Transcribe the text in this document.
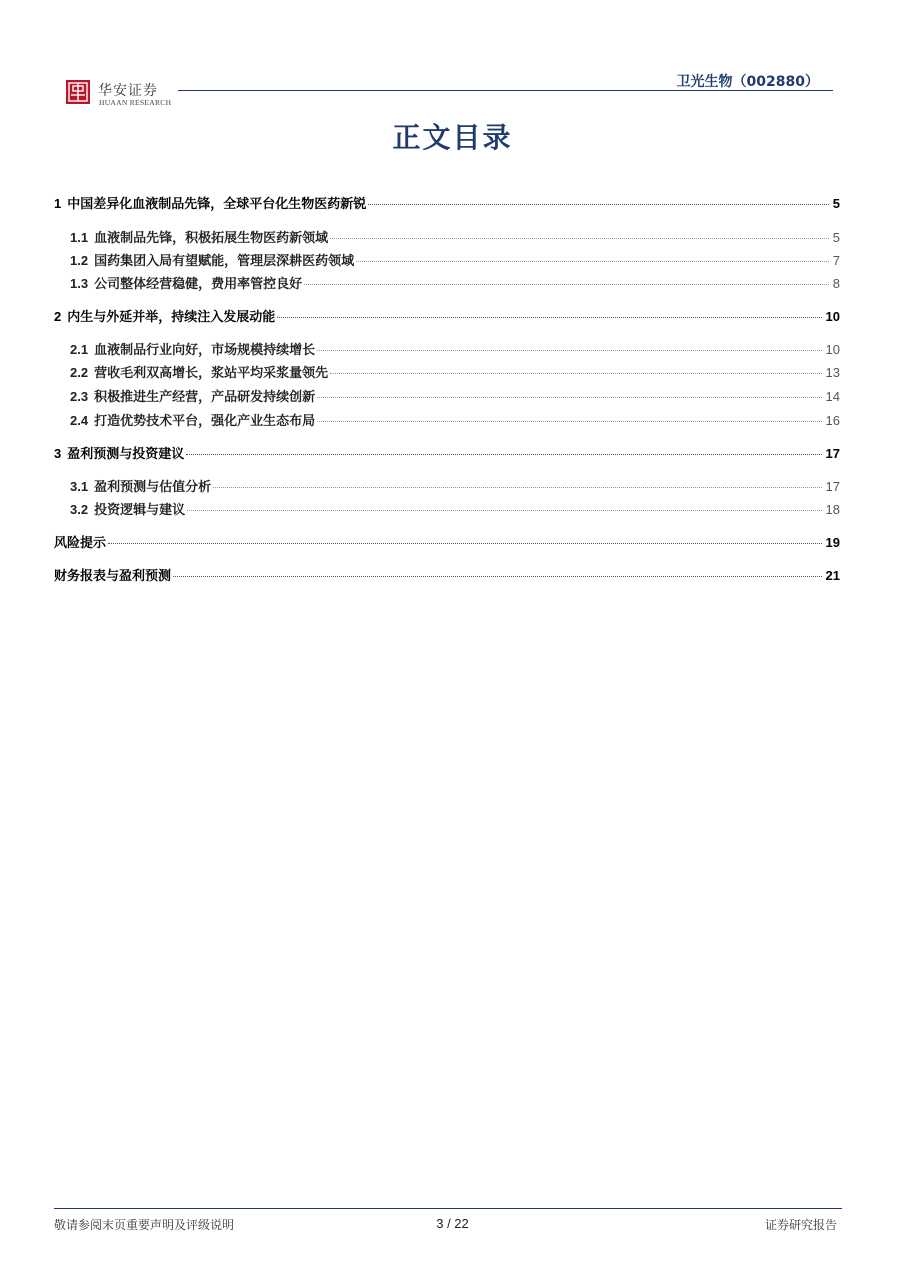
华安证券
HUAAN RESEARCH
卫光生物（002880）
正文目录
1 中国差异化血液制品先锋，全球平台化生物医药新锐	5
1.1 血液制品先锋，积极拓展生物医药新领域	5
1.2 国药集团入局有望赋能，管理层深耕医药领域	7
1.3 公司整体经营稳健，费用率管控良好	8
2 内生与外延并举，持续注入发展动能	10
2.1 血液制品行业向好，市场规模持续增长	10
2.2 营收毛利双高增长，浆站平均采浆量领先	13
2.3 积极推进生产经营，产品研发持续创新	14
2.4 打造优势技术平台，强化产业生态布局	16
3 盈利预测与投资建议	17
3.1 盈利预测与估值分析	17
3.2 投资逻辑与建议	18
风险提示	19
财务报表与盈利预测	21
敬请参阅末页重要声明及评级说明	3 / 22	证券研究报告
